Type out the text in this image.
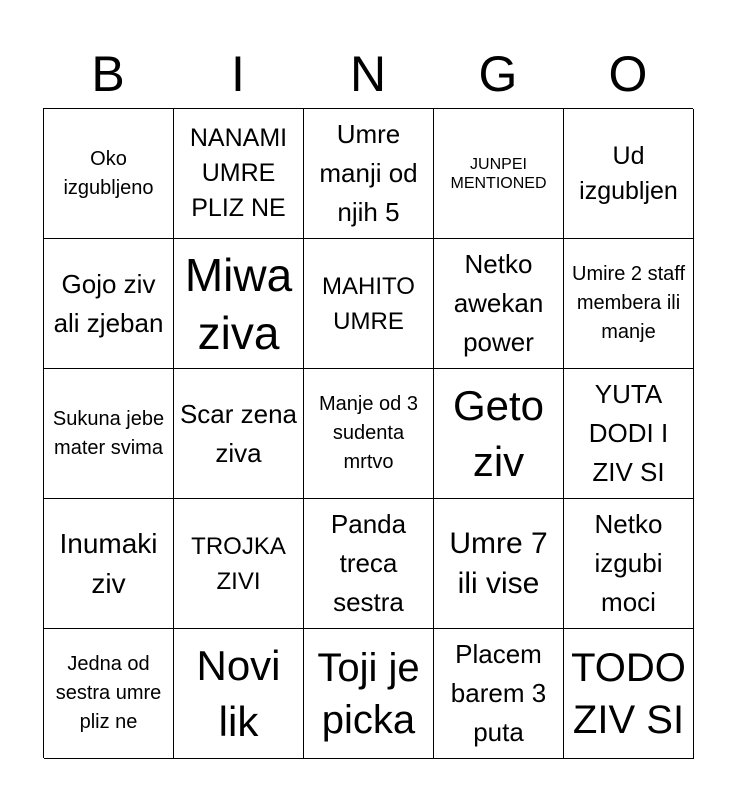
B	I	N	G	O
Oko izgubljeno
NANAMI UMRE PLIZ NE
Umre manji od njih 5
JUNPEI MENTIONED
Ud izgubljen
Gojo ziv ali zjeban
Miwa ziva
MAHITO UMRE
Netko awekan power
Umire 2 staff membera ili manje
Sukuna jebe mater svima
Scar zena ziva
Manje od 3 sudenta mrtvo
Geto ziv
YUTA DODI I ZIV SI
Inumaki ziv
TROJKA ZIVI
Panda treca sestra
Umre 7 ili vise
Netko izgubi moci
Jedna od sestra umre pliz ne
Novi lik
Toji je picka
Placem barem 3 puta
TODO ZIV SI
